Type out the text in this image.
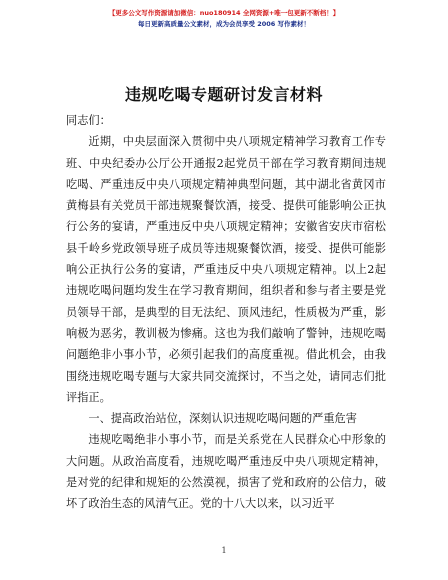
【更多公文写作资源请加微信：nuo180914 全网资源+唯一包更新不断档！】
每日更新高质量公文素材，成为会员享受 2006 写作素材！
违规吃喝专题研讨发言材料

同志们：

近期，中央层面深入贯彻中央八项规定精神学习教育工作专班、中央纪委办公厅公开通报2起党员干部在学习教育期间违规吃喝、严重违反中央八项规定精神典型问题，其中湖北省黄冈市黄梅县有关党员干部违规聚餐饮酒，接受、提供可能影响公正执行公务的宴请，严重违反中央八项规定精神；安徽省安庆市宿松县千岭乡党政领导班子成员等违规聚餐饮酒，接受、提供可能影响公正执行公务的宴请，严重违反中央八项规定精神。以上2起违规吃喝问题均发生在学习教育期间，组织者和参与者主要是党员领导干部，是典型的目无法纪、顶风违纪，性质极为严重，影响极为恶劣，教训极为惨痛。这也为我们敲响了警钟，违规吃喝问题绝非小事小节，必须引起我们的高度重视。借此机会，由我围绕违规吃喝专题与大家共同交流探讨，不当之处，请同志们批评指正。

一、提高政治站位，深刻认识违规吃喝问题的严重危害

违规吃喝绝非小事小节，而是关系党在人民群众心中形象的大问题。从政治高度看，违规吃喝严重违反中央八项规定精神，是对党的纪律和规矩的公然漠视，损害了党和政府的公信力，破坏了政治生态的风清气正。党的十八大以来，以习近平

1
